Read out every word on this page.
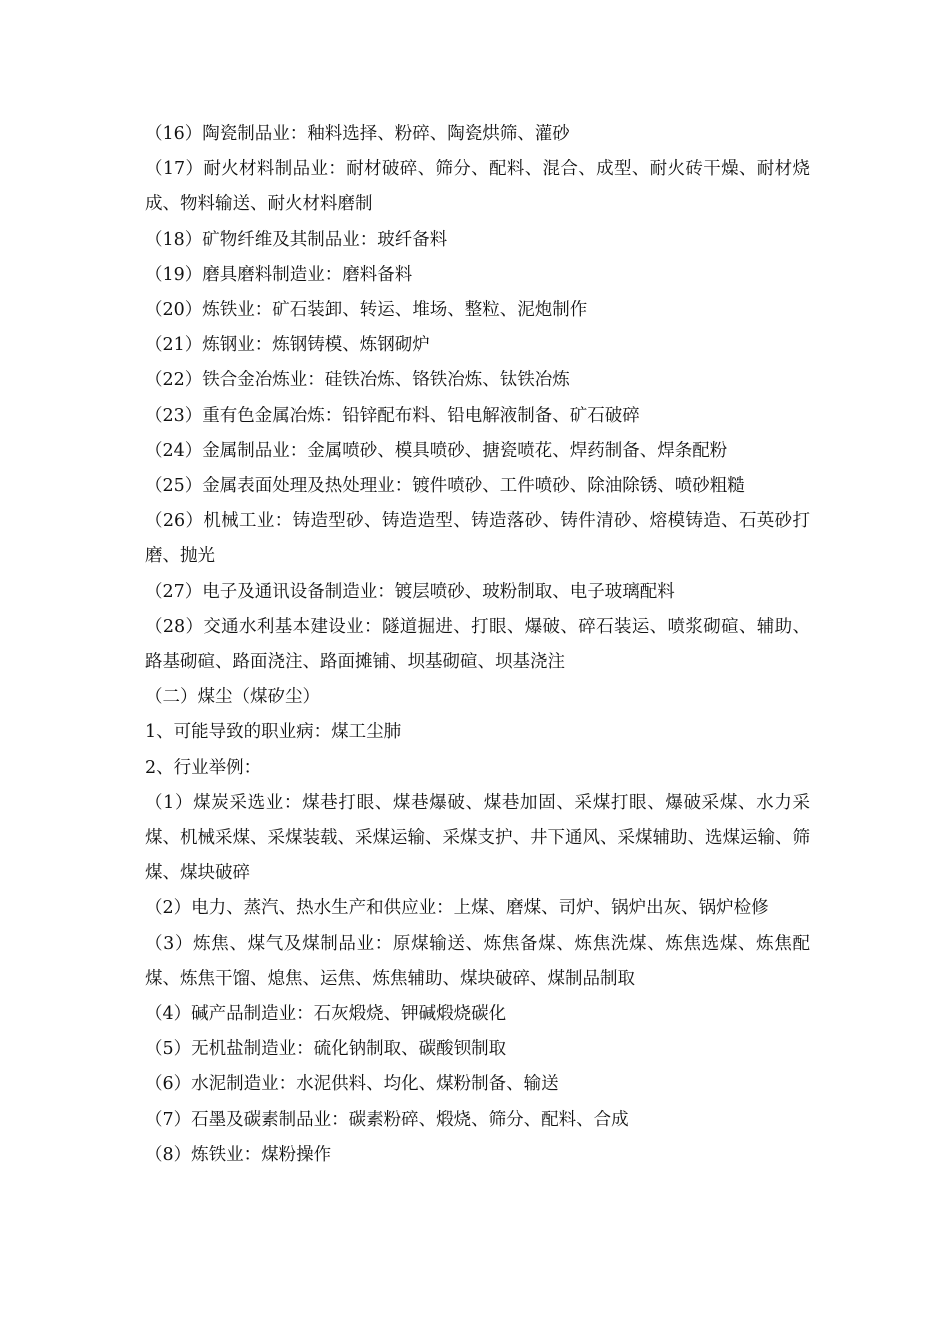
（16）陶瓷制品业：釉料选择、粉碎、陶瓷烘筛、灌砂

（17）耐火材料制品业：耐材破碎、筛分、配料、混合、成型、耐火砖干燥、耐材烧成、物料输送、耐火材料磨制

（18）矿物纤维及其制品业：玻纤备料

（19）磨具磨料制造业：磨料备料

（20）炼铁业：矿石装卸、转运、堆场、整粒、泥炮制作

（21）炼钢业：炼钢铸模、炼钢砌炉

（22）铁合金冶炼业：硅铁冶炼、铬铁冶炼、钛铁冶炼

（23）重有色金属冶炼：铅锌配布料、铅电解液制备、矿石破碎

（24）金属制品业：金属喷砂、模具喷砂、搪瓷喷花、焊药制备、焊条配粉

（25）金属表面处理及热处理业：镀件喷砂、工件喷砂、除油除锈、喷砂粗糙

（26）机械工业：铸造型砂、铸造造型、铸造落砂、铸件清砂、熔模铸造、石英砂打磨、抛光

（27）电子及通讯设备制造业：镀层喷砂、玻粉制取、电子玻璃配料

（28）交通水利基本建设业：隧道掘进、打眼、爆破、碎石装运、喷浆砌碹、辅助、路基砌碹、路面浇注、路面摊铺、坝基砌碹、坝基浇注

（二）煤尘（煤矽尘）

1、可能导致的职业病：煤工尘肺

2、行业举例：

（1）煤炭采选业：煤巷打眼、煤巷爆破、煤巷加固、采煤打眼、爆破采煤、水力采煤、机械采煤、采煤装载、采煤运输、采煤支护、井下通风、采煤辅助、选煤运输、筛煤、煤块破碎

（2）电力、蒸汽、热水生产和供应业：上煤、磨煤、司炉、锅炉出灰、锅炉检修

（3）炼焦、煤气及煤制品业：原煤输送、炼焦备煤、炼焦洗煤、炼焦选煤、炼焦配煤、炼焦干馏、熄焦、运焦、炼焦辅助、煤块破碎、煤制品制取

（4）碱产品制造业：石灰煅烧、钾碱煅烧碳化

（5）无机盐制造业：硫化钠制取、碳酸钡制取

（6）水泥制造业：水泥供料、均化、煤粉制备、输送

（7）石墨及碳素制品业：碳素粉碎、煅烧、筛分、配料、合成

（8）炼铁业：煤粉操作
